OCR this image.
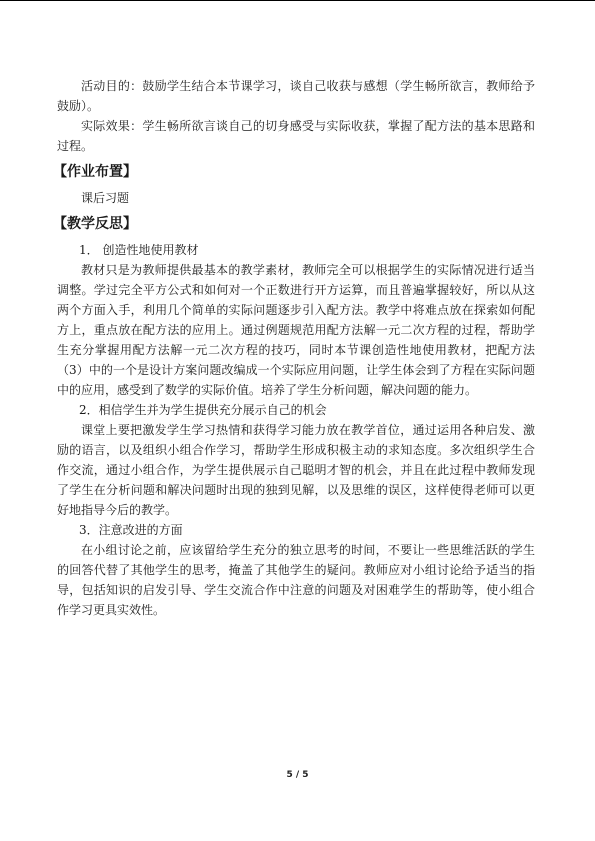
活动目的：鼓励学生结合本节课学习，谈自己收获与感想（学生畅所欲言，教师给予鼓励）。

实际效果：学生畅所欲言谈自己的切身感受与实际收获，掌握了配方法的基本思路和过程。

【作业布置】

课后习题

【教学反思】

1． 创造性地使用教材

教材只是为教师提供最基本的教学素材，教师完全可以根据学生的实际情况进行适当调整。学过完全平方公式和如何对一个正数进行开方运算，而且普遍掌握较好，所以从这两个方面入手，利用几个简单的实际问题逐步引入配方法。教学中将难点放在探索如何配方上，重点放在配方法的应用上。通过例题规范用配方法解一元二次方程的过程，帮助学生充分掌握用配方法解一元二次方程的技巧，同时本节课创造性地使用教材，把配方法（3）中的一个是设计方案问题改编成一个实际应用问题，让学生体会到了方程在实际问题中的应用，感受到了数学的实际价值。培养了学生分析问题，解决问题的能力。

2．相信学生并为学生提供充分展示自己的机会

课堂上要把激发学生学习热情和获得学习能力放在教学首位，通过运用各种启发、激励的语言，以及组织小组合作学习，帮助学生形成积极主动的求知态度。多次组织学生合作交流，通过小组合作，为学生提供展示自己聪明才智的机会，并且在此过程中教师发现了学生在分析问题和解决问题时出现的独到见解，以及思维的误区，这样使得老师可以更好地指导今后的教学。

3．注意改进的方面

在小组讨论之前，应该留给学生充分的独立思考的时间，不要让一些思维活跃的学生的回答代替了其他学生的思考，掩盖了其他学生的疑问。教师应对小组讨论给予适当的指导，包括知识的启发引导、学生交流合作中注意的问题及对困难学生的帮助等，使小组合作学习更具实效性。

5 / 5
